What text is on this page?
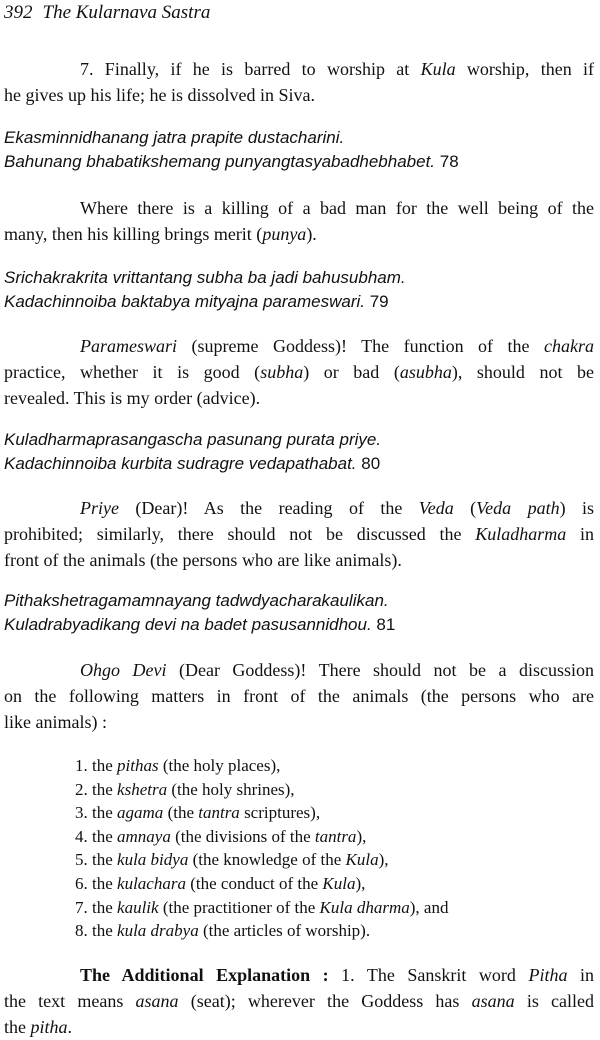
392 The Kularnava Sastra
7. Finally, if he is barred to worship at Kula worship, then if
he gives up his life; he is dissolved in Siva.
Ekasminnidhanang jatra prapite dustacharini.
Bahunang bhabatikshemang punyangtasyabadhebhabet. 78
Where there is a killing of a bad man for the well being of the
many, then his killing brings merit (punya).
Srichakrakrita vrittantang subha ba jadi bahusubham.
Kadachinnoiba baktabya mityajna parameswari. 79
Parameswari (supreme Goddess)! The function of the chakra
practice, whether it is good (subha) or bad (asubha), should not be
revealed. This is my order (advice).
Kuladharmaprasangascha pasunang purata priye.
Kadachinnoiba kurbita sudragre vedapathabat. 80
Priye (Dear)! As the reading of the Veda (Veda path) is
prohibited; similarly, there should not be discussed the Kuladharma in
front of the animals (the persons who are like animals).
Pithakshetragamamnayang tadwdyacharakaulikan.
Kuladrabyadikang devi na badet pasusannidhou. 81
Ohgo Devi (Dear Goddess)! There should not be a discussion
on the following matters in front of the animals (the persons who are
like animals) :
1. the pithas (the holy places),
2. the kshetra (the holy shrines),
3. the agama (the tantra scriptures),
4. the amnaya (the divisions of the tantra),
5. the kula bidya (the knowledge of the Kula),
6. the kulachara (the conduct of the Kula),
7. the kaulik (the practitioner of the Kula dharma), and
8. the kula drabya (the articles of worship).
The Additional Explanation : 1. The Sanskrit word Pitha in
the text means asana (seat); wherever the Goddess has asana is called
the pitha.
